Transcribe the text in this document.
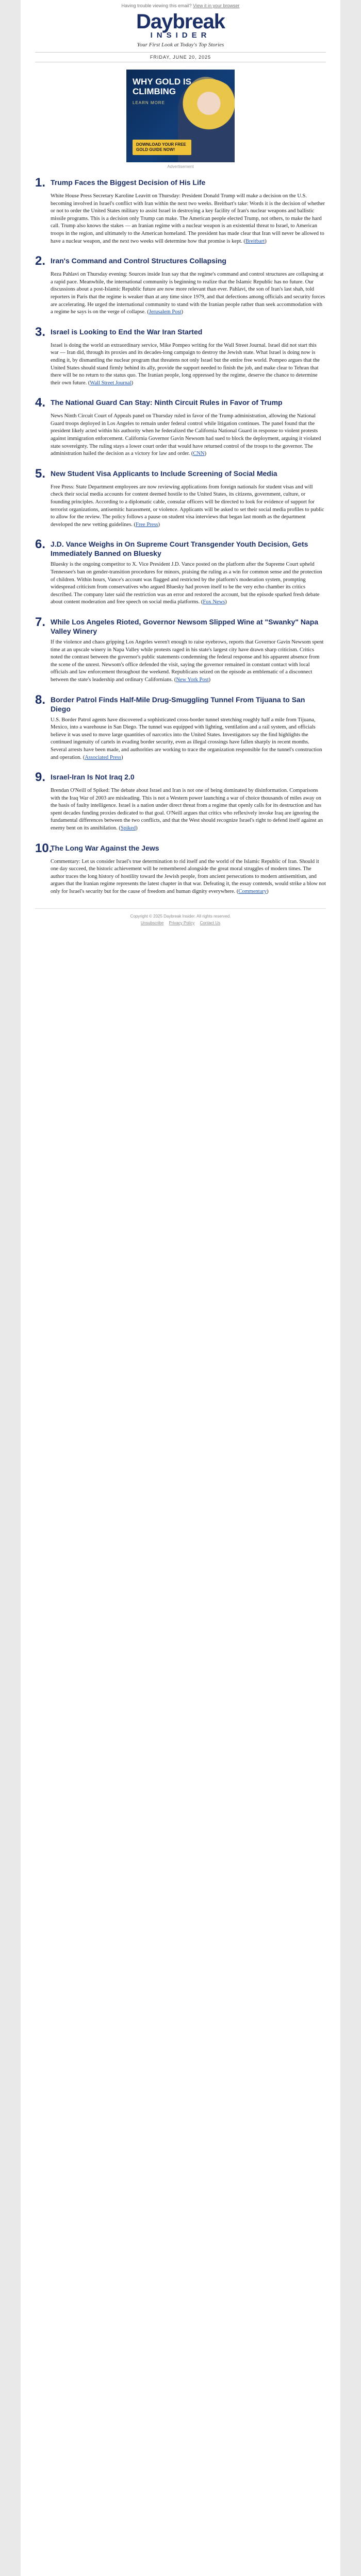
Having trouble viewing this email? View it in your browser
Daybreak
INSIDER
Your First Look at Today's Top Stories
FRIDAY, JUNE 20, 2025
WHY GOLD IS CLIMBING
LEARN MORE
DOWNLOAD YOUR FREE GOLD GUIDE NOW!
Advertisement
1. Trump Faces the Biggest Decision of His Life
White House Press Secretary Karoline Leavitt on Thursday: President Donald Trump will make a decision on the U.S. becoming involved in Israel's conflict with Iran within the next two weeks. Breitbart's take: Words it is the decision of whether or not to order the United States military to assist Israel in destroying a key facility of Iran's nuclear weapons and ballistic missile programs. This is a decision only Trump can make. The American people elected Trump, not others, to make the hard call. Trump also knows the stakes — an Iranian regime with a nuclear weapon is an existential threat to Israel, to American troops in the region, and ultimately to the American homeland. The president has made clear that Iran will never be allowed to have a nuclear weapon, and the next two weeks will determine how that promise is kept. (Breitbart)
2. Iran's Command and Control Structures Collapsing
Reza Pahlavi on Thursday evening: Sources inside Iran say that the regime's command and control structures are collapsing at a rapid pace. Meanwhile, the international community is beginning to realize that the Islamic Republic has no future. Our discussions about a post-Islamic Republic future are now more relevant than ever. Pahlavi, the son of Iran's last shah, told reporters in Paris that the regime is weaker than at any time since 1979, and that defections among officials and security forces are accelerating. He urged the international community to stand with the Iranian people rather than seek accommodation with a regime he says is on the verge of collapse. (Jerusalem Post)
3. Israel is Looking to End the War Iran Started
Israel is doing the world an extraordinary service, Mike Pompeo writing for the Wall Street Journal. Israel did not start this war — Iran did, through its proxies and its decades-long campaign to destroy the Jewish state. What Israel is doing now is ending it, by dismantling the nuclear program that threatens not only Israel but the entire free world. Pompeo argues that the United States should stand firmly behind its ally, provide the support needed to finish the job, and make clear to Tehran that there will be no return to the status quo. The Iranian people, long oppressed by the regime, deserve the chance to determine their own future. (Wall Street Journal)
4. The National Guard Can Stay: Ninth Circuit Rules in Favor of Trump
News Ninth Circuit Court of Appeals panel on Thursday ruled in favor of the Trump administration, allowing the National Guard troops deployed in Los Angeles to remain under federal control while litigation continues. The panel found that the president likely acted within his authority when he federalized the California National Guard in response to violent protests against immigration enforcement. California Governor Gavin Newsom had sued to block the deployment, arguing it violated state sovereignty. The ruling stays a lower court order that would have returned control of the troops to the governor. The administration hailed the decision as a victory for law and order. (CNN)
5. New Student Visa Applicants to Include Screening of Social Media
Free Press: State Department employees are now reviewing applications from foreign nationals for student visas and will check their social media accounts for content deemed hostile to the United States, its citizens, government, culture, or founding principles. According to a diplomatic cable, consular officers will be directed to look for evidence of support for terrorist organizations, antisemitic harassment, or violence. Applicants will be asked to set their social media profiles to public to allow for the review. The policy follows a pause on student visa interviews that began last month as the department developed the new vetting guidelines. (Free Press)
6. J.D. Vance Weighs in On Supreme Court Transgender Youth Decision, Gets Immediately Banned on Bluesky
Bluesky is the ongoing competitor to X. Vice President J.D. Vance posted on the platform after the Supreme Court upheld Tennessee's ban on gender-transition procedures for minors, praising the ruling as a win for common sense and the protection of children. Within hours, Vance's account was flagged and restricted by the platform's moderation system, prompting widespread criticism from conservatives who argued Bluesky had proven itself to be the very echo chamber its critics described. The company later said the restriction was an error and restored the account, but the episode sparked fresh debate about content moderation and free speech on social media platforms. (Fox News)
7. While Los Angeles Rioted, Governor Newsom Slipped Wine at "Swanky" Napa Valley Winery
If the violence and chaos gripping Los Angeles weren't enough to raise eyebrows, reports that Governor Gavin Newsom spent time at an upscale winery in Napa Valley while protests raged in his state's largest city have drawn sharp criticism. Critics noted the contrast between the governor's public statements condemning the federal response and his apparent absence from the scene of the unrest. Newsom's office defended the visit, saying the governor remained in constant contact with local officials and law enforcement throughout the weekend. Republicans seized on the episode as emblematic of a disconnect between the state's leadership and ordinary Californians. (New York Post)
8. Border Patrol Finds Half-Mile Drug-Smuggling Tunnel From Tijuana to San Diego
U.S. Border Patrol agents have discovered a sophisticated cross-border tunnel stretching roughly half a mile from Tijuana, Mexico, into a warehouse in San Diego. The tunnel was equipped with lighting, ventilation and a rail system, and officials believe it was used to move large quantities of narcotics into the United States. Investigators say the find highlights the continued ingenuity of cartels in evading border security, even as illegal crossings have fallen sharply in recent months. Several arrests have been made, and authorities are working to trace the organization responsible for the tunnel's construction and operation. (Associated Press)
9. Israel-Iran Is Not Iraq 2.0
Brendan O'Neill of Spiked: The debate about Israel and Iran is not one of being dominated by disinformation. Comparisons with the Iraq War of 2003 are misleading. This is not a Western power launching a war of choice thousands of miles away on the basis of faulty intelligence. Israel is a nation under direct threat from a regime that openly calls for its destruction and has spent decades funding proxies dedicated to that goal. O'Neill argues that critics who reflexively invoke Iraq are ignoring the fundamental differences between the two conflicts, and that the West should recognize Israel's right to defend itself against an enemy bent on its annihilation. (Spiked)
10.
The Long War Against the Jews
Commentary: Let us consider Israel's true determination to rid itself and the world of the Islamic Republic of Iran. Should it one day succeed, the historic achievement will be remembered alongside the great moral struggles of modern times. The author traces the long history of hostility toward the Jewish people, from ancient persecutions to modern antisemitism, and argues that the Iranian regime represents the latest chapter in that war. Defeating it, the essay contends, would strike a blow not only for Israel's security but for the cause of freedom and human dignity everywhere. (Commentary)
Copyright © 2025 Daybreak Insider. All rights reserved.
Unsubscribe Privacy Policy Contact Us
